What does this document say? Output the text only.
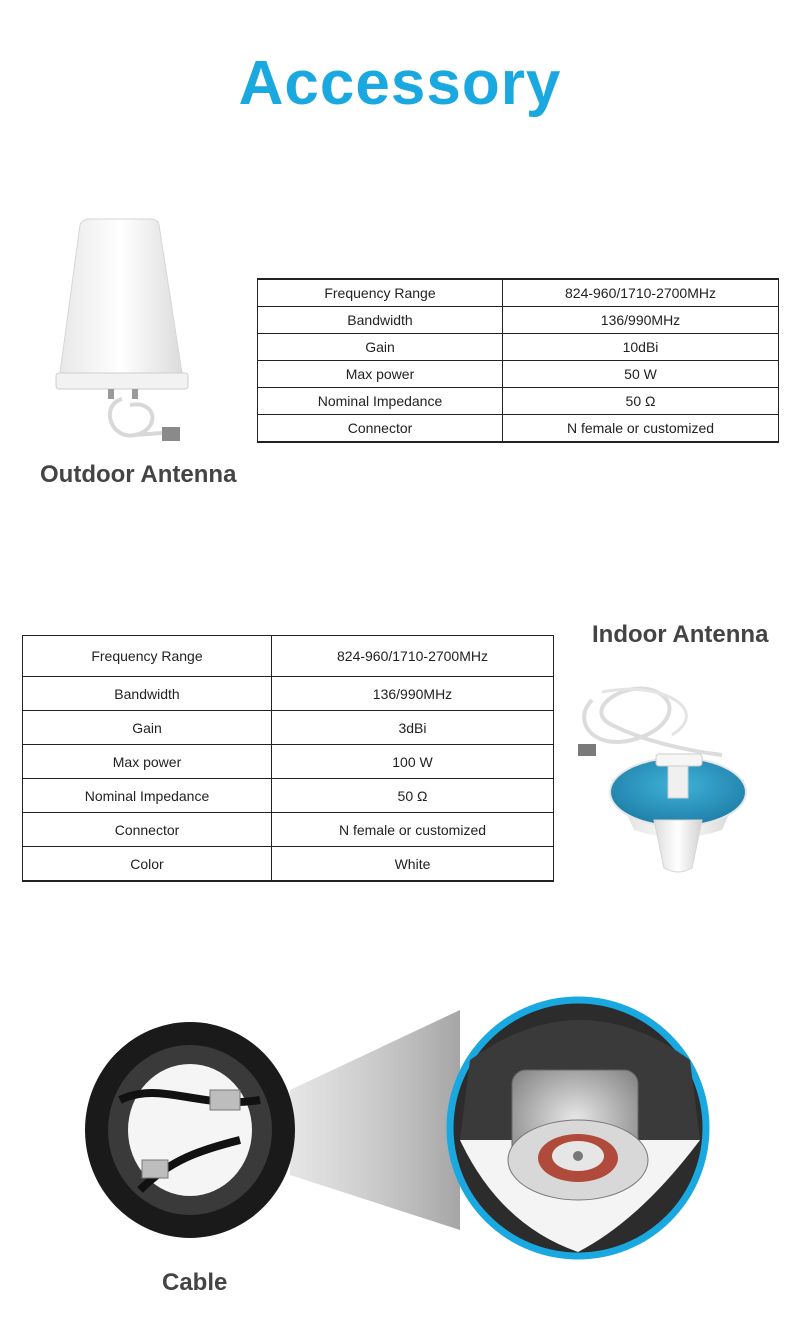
Accessory
Outdoor Antenna
Frequency Range	824-960/1710-2700MHz
Bandwidth	136/990MHz
Gain	10dBi
Max power	50 W
Nominal Impedance	50 Ω
Connector	N female or customized
Frequency Range	824-960/1710-2700MHz
Bandwidth	136/990MHz
Gain	3dBi
Max power	100 W
Nominal Impedance	50 Ω
Connector	N female or customized
Color	White
Indoor Antenna
Cable
